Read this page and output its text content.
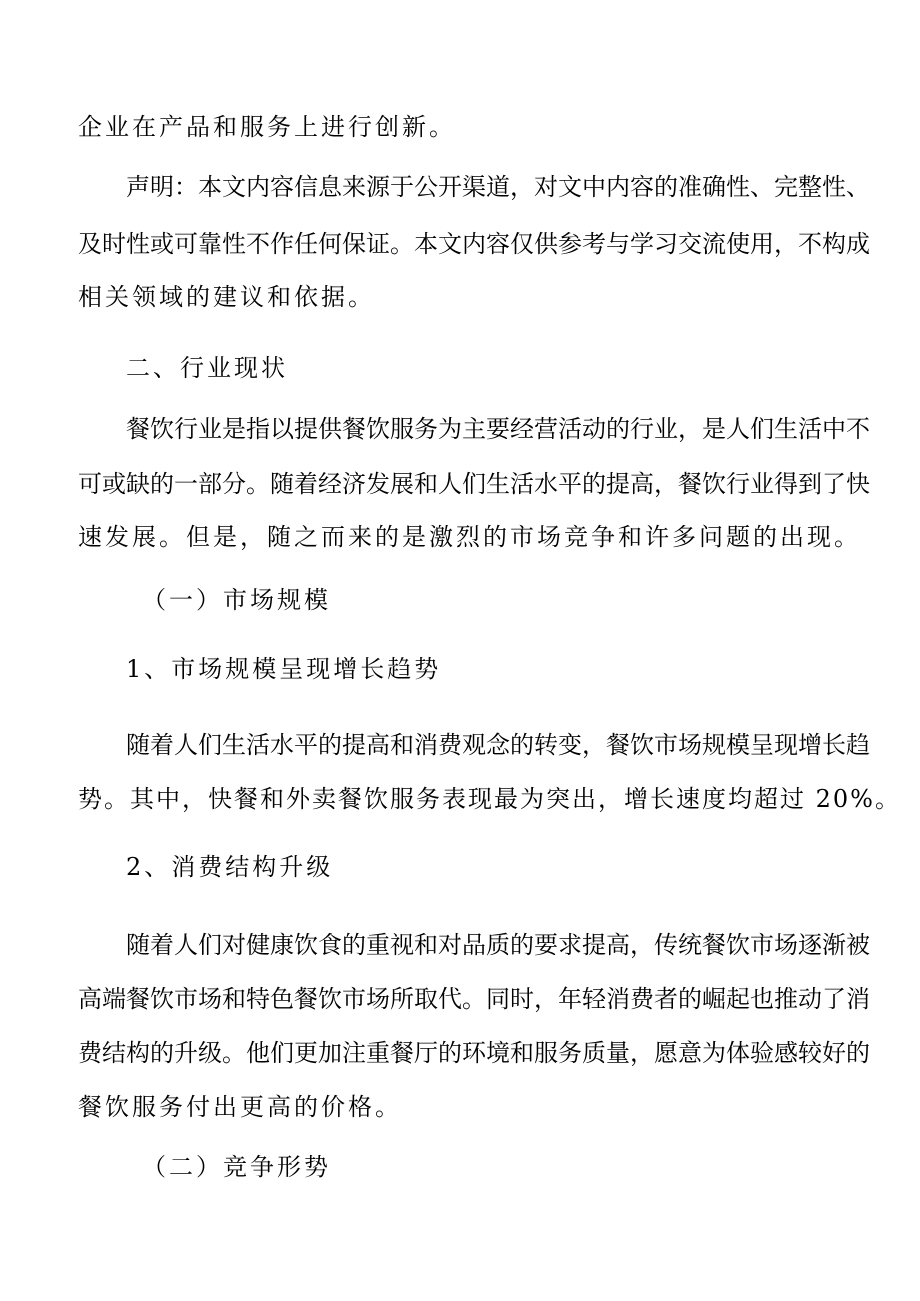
企业在产品和服务上进行创新。
声明：本文内容信息来源于公开渠道，对文中内容的准确性、完整性、
及时性或可靠性不作任何保证。本文内容仅供参考与学习交流使用，不构成
相关领域的建议和依据。
二、行业现状
餐饮行业是指以提供餐饮服务为主要经营活动的行业，是人们生活中不
可或缺的一部分。随着经济发展和人们生活水平的提高，餐饮行业得到了快
速发展。但是，随之而来的是激烈的市场竞争和许多问题的出现。
（一）市场规模
1、市场规模呈现增长趋势
随着人们生活水平的提高和消费观念的转变，餐饮市场规模呈现增长趋
势。其中，快餐和外卖餐饮服务表现最为突出，增长速度均超过 20%。
2、消费结构升级
随着人们对健康饮食的重视和对品质的要求提高，传统餐饮市场逐渐被
高端餐饮市场和特色餐饮市场所取代。同时，年轻消费者的崛起也推动了消
费结构的升级。他们更加注重餐厅的环境和服务质量，愿意为体验感较好的
餐饮服务付出更高的价格。
（二）竞争形势
